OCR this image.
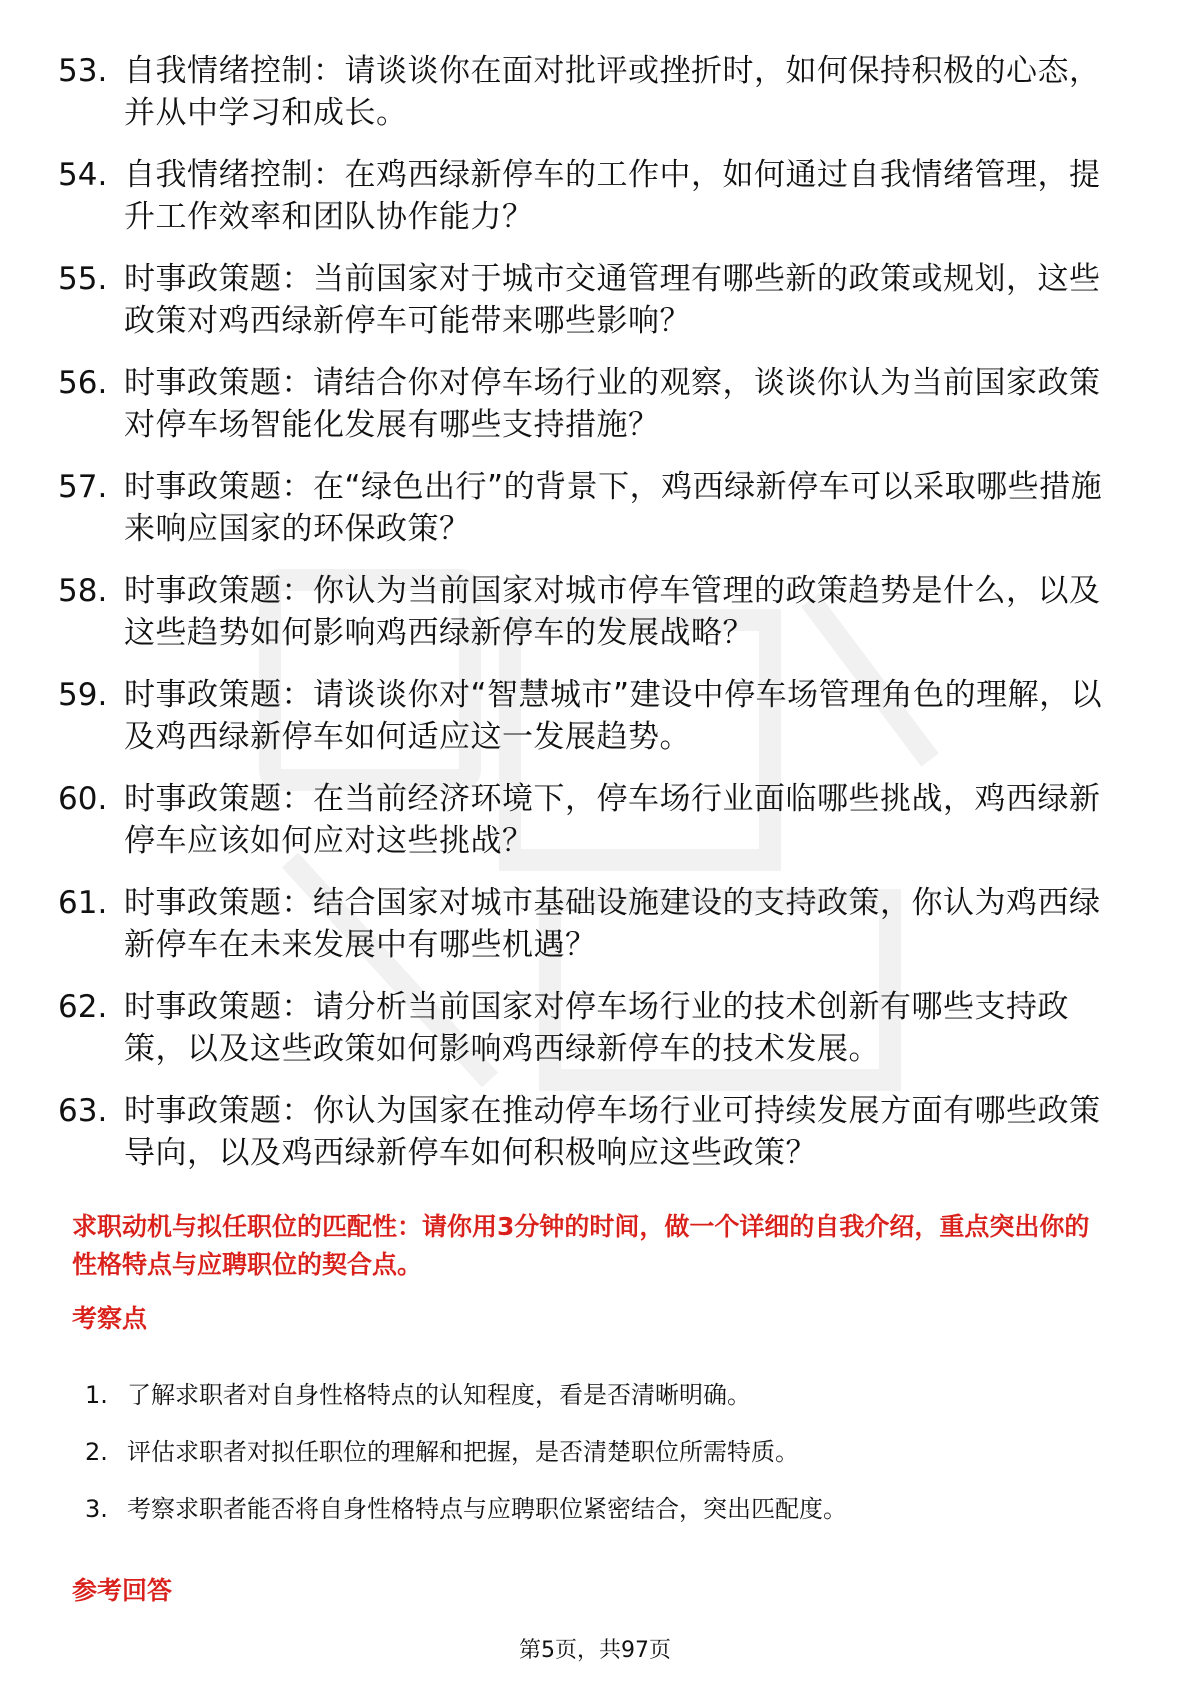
53. 自我情绪控制：请谈谈你在面对批评或挫折时，如何保持积极的心态，并从中学习和成长。
54. 自我情绪控制：在鸡西绿新停车的工作中，如何通过自我情绪管理，提升工作效率和团队协作能力？
55. 时事政策题：当前国家对于城市交通管理有哪些新的政策或规划，这些政策对鸡西绿新停车可能带来哪些影响？
56. 时事政策题：请结合你对停车场行业的观察，谈谈你认为当前国家政策对停车场智能化发展有哪些支持措施？
57. 时事政策题：在“绿色出行”的背景下，鸡西绿新停车可以采取哪些措施来响应国家的环保政策？
58. 时事政策题：你认为当前国家对城市停车管理的政策趋势是什么，以及这些趋势如何影响鸡西绿新停车的发展战略？
59. 时事政策题：请谈谈你对“智慧城市”建设中停车场管理角色的理解，以及鸡西绿新停车如何适应这一发展趋势。
60. 时事政策题：在当前经济环境下，停车场行业面临哪些挑战，鸡西绿新停车应该如何应对这些挑战？
61. 时事政策题：结合国家对城市基础设施建设的支持政策，你认为鸡西绿新停车在未来发展中有哪些机遇？
62. 时事政策题：请分析当前国家对停车场行业的技术创新有哪些支持政策，以及这些政策如何影响鸡西绿新停车的技术发展。
63. 时事政策题：你认为国家在推动停车场行业可持续发展方面有哪些政策导向，以及鸡西绿新停车如何积极响应这些政策？
求职动机与拟任职位的匹配性：请你用3分钟的时间，做一个详细的自我介绍，重点突出你的性格特点与应聘职位的契合点。
考察点
1. 了解求职者对自身性格特点的认知程度，看是否清晰明确。
2. 评估求职者对拟任职位的理解和把握，是否清楚职位所需特质。
3. 考察求职者能否将自身性格特点与应聘职位紧密结合，突出匹配度。
参考回答
第5页，共97页
